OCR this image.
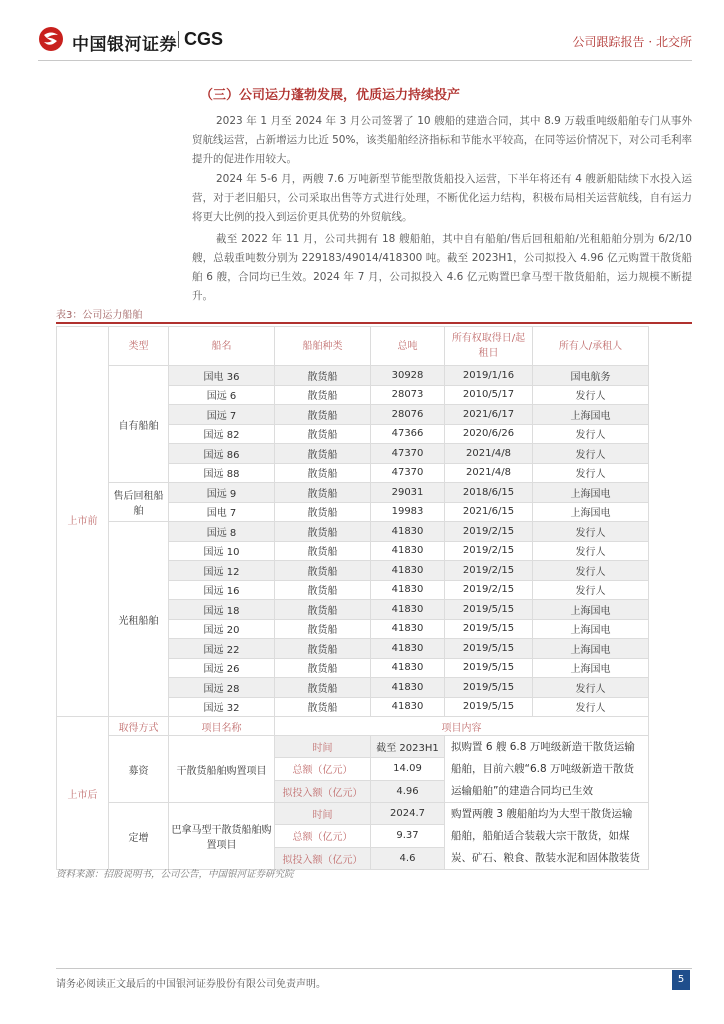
中国银河证券 CGS	公司跟踪报告 · 北交所
（三）公司运力蓬勃发展，优质运力持续投产

2023 年 1 月至 2024 年 3 月公司签署了 10 艘船的建造合同，其中 8.9 万载重吨级船舶专门从事外贸航线运营，占新增运力比近 50%，该类船舶经济指标和节能水平较高，在同等运价情况下，对公司毛利率提升的促进作用较大。

2024 年 5-6 月，两艘 7.6 万吨新型节能型散货船投入运营，下半年将还有 4 艘新船陆续下水投入运营，对于老旧船只，公司采取出售等方式进行处理，不断优化运力结构，积极布局相关运营航线，自有运力将更大比例的投入到运价更具优势的外贸航线。

截至 2022 年 11 月，公司共拥有 18 艘船舶，其中自有船舶/售后回租船舶/光租船舶分别为 6/2/10 艘，总载重吨数分别为 229183/49014/418300 吨。截至 2023H1，公司拟投入 4.96 亿元购置干散货船舶 6 艘，合同均已生效。2024 年 7 月，公司拟投入 4.6 亿元购置巴拿马型干散货船舶，运力规模不断提升。

表3：公司运力船舶
上市前	类型	船名	船舶种类	总吨	所有权取得日/起租日	所有人/承租人
	自有船舶	国电 36	散货船	30928	2019/1/16	国电航务
		国远 6	散货船	28073	2010/5/17	发行人
		国远 7	散货船	28076	2021/6/17	上海国电
		国远 82	散货船	47366	2020/6/26	发行人
		国远 86	散货船	47370	2021/4/8	发行人
		国远 88	散货船	47370	2021/4/8	发行人
	售后回租船舶	国远 9	散货船	29031	2018/6/15	上海国电
		国电 7	散货船	19983	2021/6/15	上海国电
	光租船舶	国远 8	散货船	41830	2019/2/15	发行人
		国远 10	散货船	41830	2019/2/15	发行人
		国远 12	散货船	41830	2019/2/15	发行人
		国远 16	散货船	41830	2019/2/15	发行人
		国远 18	散货船	41830	2019/5/15	上海国电
		国远 20	散货船	41830	2019/5/15	上海国电
		国远 22	散货船	41830	2019/5/15	上海国电
		国远 26	散货船	41830	2019/5/15	上海国电
		国远 28	散货船	41830	2019/5/15	发行人
		国远 32	散货船	41830	2019/5/15	发行人
上市后	取得方式	项目名称	项目内容		
	募资	干散货船舶购置项目	时间	截至 2023H1	拟购置 6 艘 6.8 万吨级新造干散货运输船舶，目前六艘“6.8 万吨级新造干散货运输船舶”的建造合同均已生效
			总额（亿元）	14.09	
			拟投入额（亿元）	4.96	
	定增	巴拿马型干散货船舶购置项目	时间	2024.7	购置两艘 3 艘船舶均为大型干散货运输船舶，船舶适合装载大宗干散货，如煤炭、矿石、粮食、散装水泥和固体散装货
			总额（亿元）	9.37	
			拟投入额（亿元）	4.6	
资料来源：招股说明书，公司公告，中国银河证券研究院
请务必阅读正文最后的中国银河证券股份有限公司免责声明。	5
